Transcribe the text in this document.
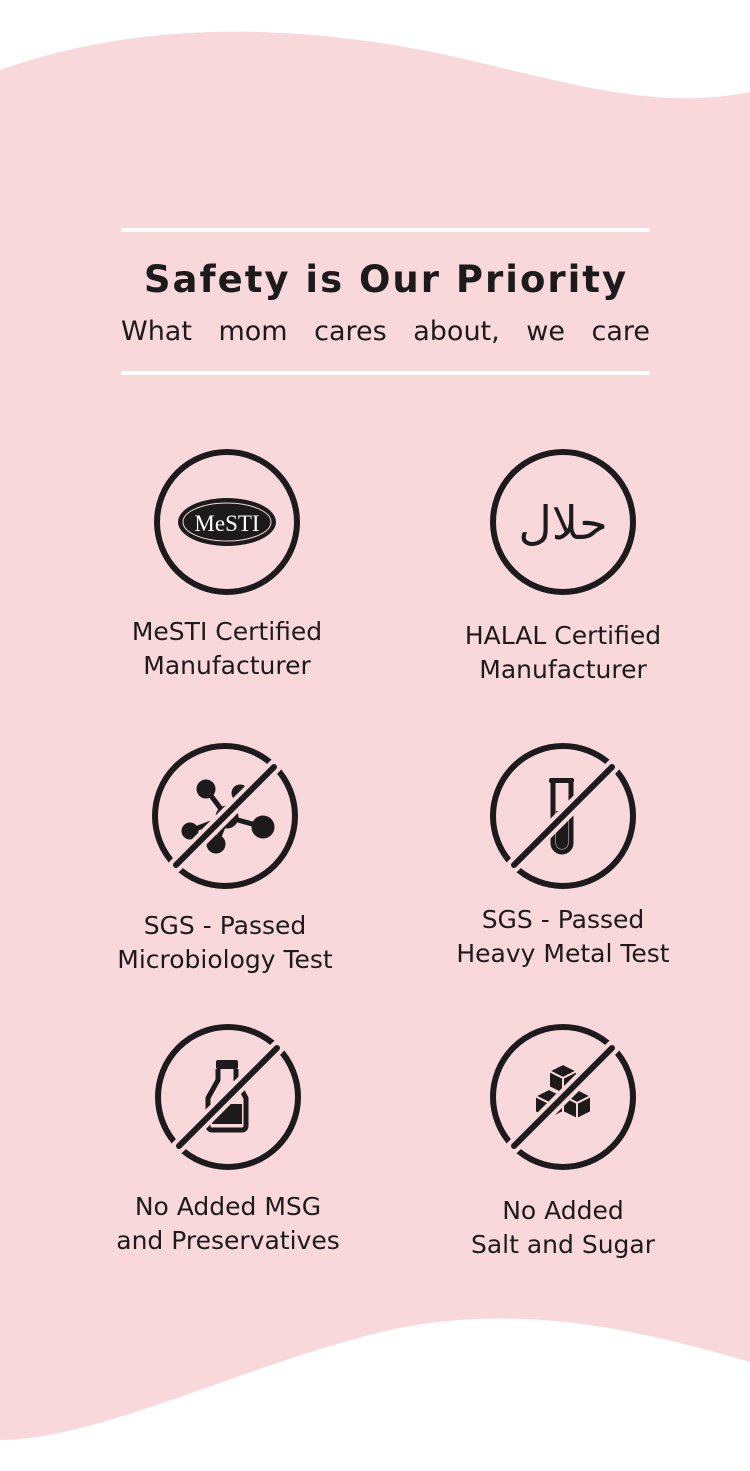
Safety is Our Priority

What mom cares about, we care

MeSTI
MeSTI Certified
Manufacturer
حلال
HALAL Certified
Manufacturer
SGS - Passed
Microbiology Test
SGS - Passed
Heavy Metal Test
No Added MSG
and Preservatives
No Added
Salt and Sugar
